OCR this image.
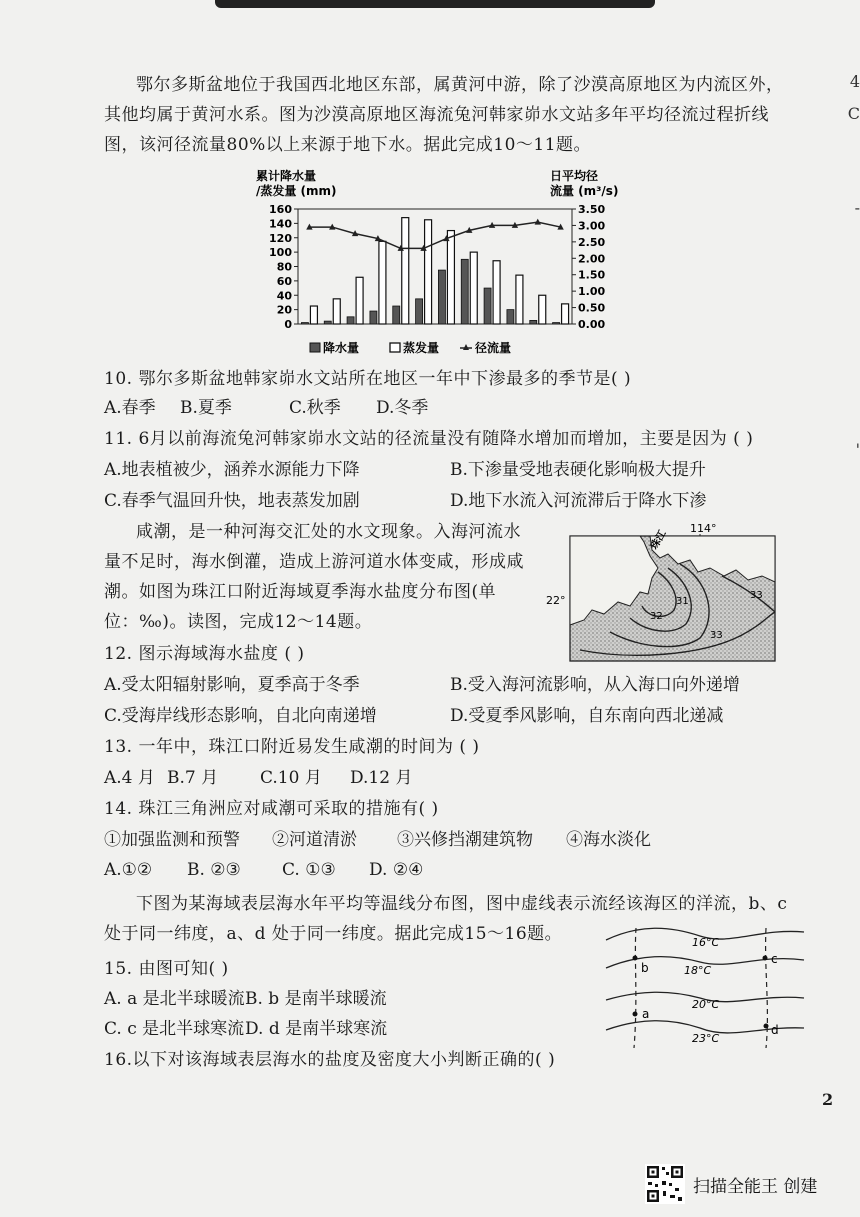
4
C
-
'
鄂尔多斯盆地位于我国西北地区东部，属黄河中游，除了沙漠高原地区为内流区外，
其他均属于黄河水系。图为沙漠高原地区海流兔河韩家峁水文站多年平均径流过程折线
图，该河径流量80%以上来源于地下水。据此完成10～11题。
累计降水量
/蒸发量 (mm)
日平均径
流量 (m³/s)
160
140
120
100
80
60
40
20
0
3.50
3.00
2.50
2.00
1.50
1.00
0.50
0.00
降水量	蒸发量	径流量
10. 鄂尔多斯盆地韩家峁水文站所在地区一年中下渗最多的季节是( )
A.春季 B.夏季	C.秋季 D.冬季
11. 6月以前海流兔河韩家峁水文站的径流量没有随降水增加而增加，主要是因为 ( )
A.地表植被少，涵养水源能力下降	B.下渗量受地表硬化影响极大提升
C.春季气温回升快，地表蒸发加剧	D.地下水流入河流滞后于降水下渗
咸潮，是一种河海交汇处的水文现象。入海河流水
量不足时，海水倒灌，造成上游河道水体变咸，形成咸
潮。如图为珠江口附近海域夏季海水盐度分布图(单
位：‰)。读图，完成12～14题。
114°
22°
珠江
33
31
32
33
12. 图示海域海水盐度 ( )
A.受太阳辐射影响，夏季高于冬季	B.受入海河流影响，从入海口向外递增
C.受海岸线形态影响，自北向南递增	D.受夏季风影响，自东南向西北递减
13. 一年中，珠江口附近易发生咸潮的时间为 ( )
A.4 月 B.7 月 C.10 月 D.12 月
14. 珠江三角洲应对咸潮可采取的措施有( )
①加强监测和预警 ②河道清淤 ③兴修挡潮建筑物 ④海水淡化
A.①② B. ②③ C. ①③ D. ②④
下图为某海域表层海水年平均等温线分布图，图中虚线表示流经该海区的洋流，b、c
处于同一纬度，a、d 处于同一纬度。据此完成15～16题。	16°C
18°C
20°C
23°C
b
c
a
d
15. 由图可知( )
A. a 是北半球暖流 B. b 是南半球暖流
C. c 是北半球寒流 D. d 是南半球寒流
16.以下对该海域表层海水的盐度及密度大小判断正确的( )
2
扫描全能王 创建
